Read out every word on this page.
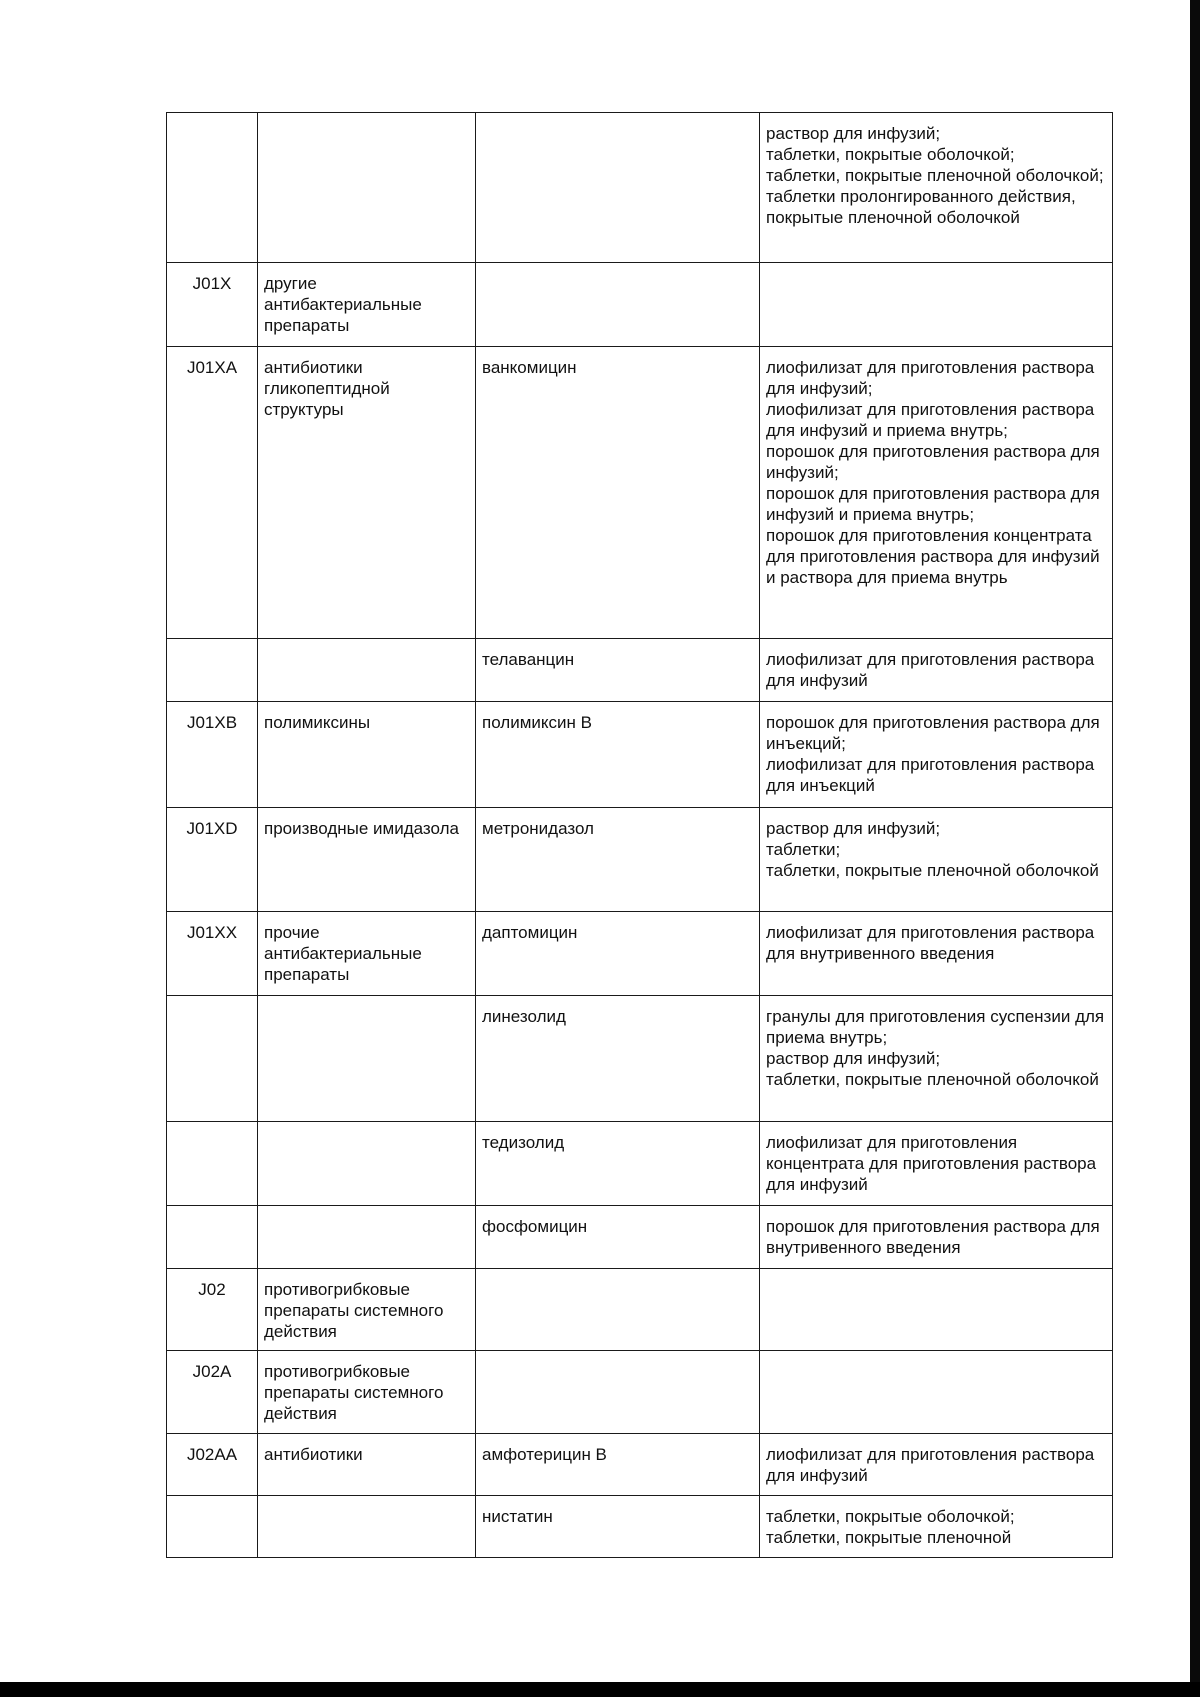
			раствор для инфузий;
таблетки, покрытые оболочкой;
таблетки, покрытые пленочной оболочкой;
таблетки пролонгированного действия, покрытые пленочной оболочкой
J01X	другие антибактериальные препараты		
J01XA	антибиотики гликопептидной структуры	ванкомицин	лиофилизат для приготовления раствора для инфузий;
лиофилизат для приготовления раствора для инфузий и приема внутрь;
порошок для приготовления раствора для инфузий;
порошок для приготовления раствора для инфузий и приема внутрь;
порошок для приготовления концентрата для приготовления раствора для инфузий и раствора для приема внутрь
		телаванцин	лиофилизат для приготовления раствора для инфузий
J01XB	полимиксины	полимиксин В	порошок для приготовления раствора для инъекций;
лиофилизат для приготовления раствора для инъекций
J01XD	производные имидазола	метронидазол	раствор для инфузий;
таблетки;
таблетки, покрытые пленочной оболочкой
J01XX	прочие антибактериальные препараты	даптомицин	лиофилизат для приготовления раствора для внутривенного введения
		линезолид	гранулы для приготовления суспензии для приема внутрь;
раствор для инфузий;
таблетки, покрытые пленочной оболочкой
		тедизолид	лиофилизат для приготовления концентрата для приготовления раствора для инфузий
		фосфомицин	порошок для приготовления раствора для внутривенного введения
J02	противогрибковые препараты системного действия		
J02A	противогрибковые препараты системного действия		
J02AA	антибиотики	амфотерицин В	лиофилизат для приготовления раствора для инфузий
		нистатин	таблетки, покрытые оболочкой;
таблетки, покрытые пленочной
